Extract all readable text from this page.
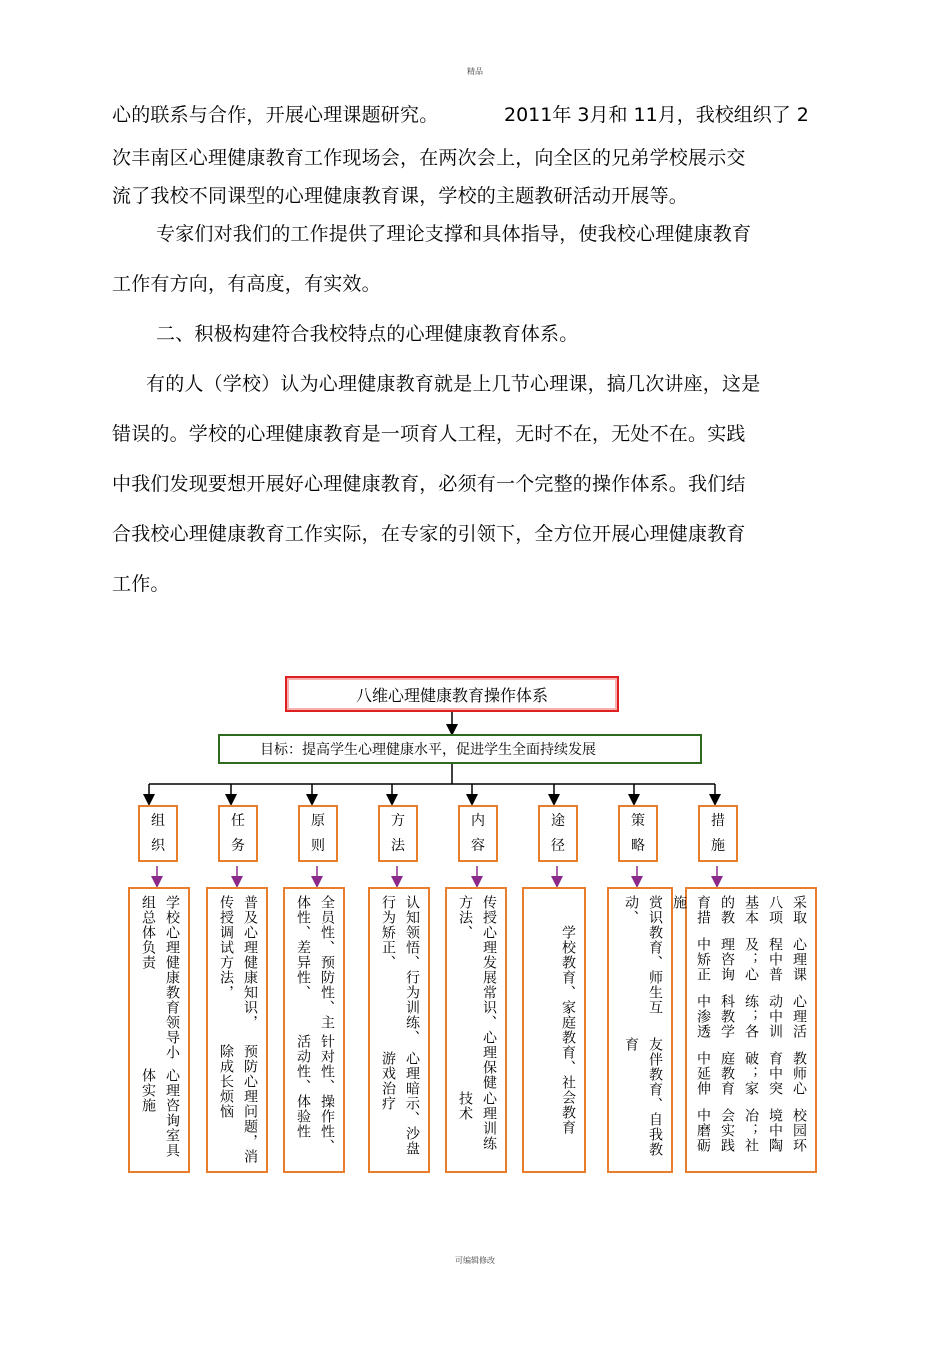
精品
心的联系与合作，开展心理课题研究。	2011年 3月和 11月，我校组织了 2
次丰南区心理健康教育工作现场会，在两次会上，向全区的兄弟学校展示交
流了我校不同课型的心理健康教育课，学校的主题教研活动开展等。
专家们对我们的工作提供了理论支撑和具体指导，使我校心理健康教育
工作有方向，有高度，有实效。
二、积极构建符合我校特点的心理健康教育体系。
有的人（学校）认为心理健康教育就是上几节心理课，搞几次讲座，这是
错误的。学校的心理健康教育是一项育人工程，无时不在，无处不在。实践
中我们发现要想开展好心理健康教育，必须有一个完整的操作体系。我们结
合我校心理健康教育工作实际，在专家的引领下，全方位开展心理健康教育
工作。
八维心理健康教育操作体系
目标：提高学生心理健康水平，促进学生全面持续发展
组
织
任
务
原
则
方
法
内
容
途
径
策
略
措
施
学校心理健康教育领导小组总体负责
心理咨询室具体实施
普及心理健康知识，传授调试方法，
预防心理问题，消除成长烦恼
全员性、预防性、主体性、差异性、
针对性、操作性、活动性、体验性
认知领悟、行为训练、行为矫正、
心理暗示、沙盘游戏治疗	传授心理发展常识、心理保健方法、
心理训练技术	学校教育、家庭教育、社会教育	赏识教育、师生互动、
友伴教育、自我教育
采取八项基本的教育措施
心理课程中普及；心理咨询中矫正
心理活动中训练；各科教学中渗透
教师心育中突破；家庭教育中延伸
校园环境中陶冶；社会实践中磨砺
可编辑修改
